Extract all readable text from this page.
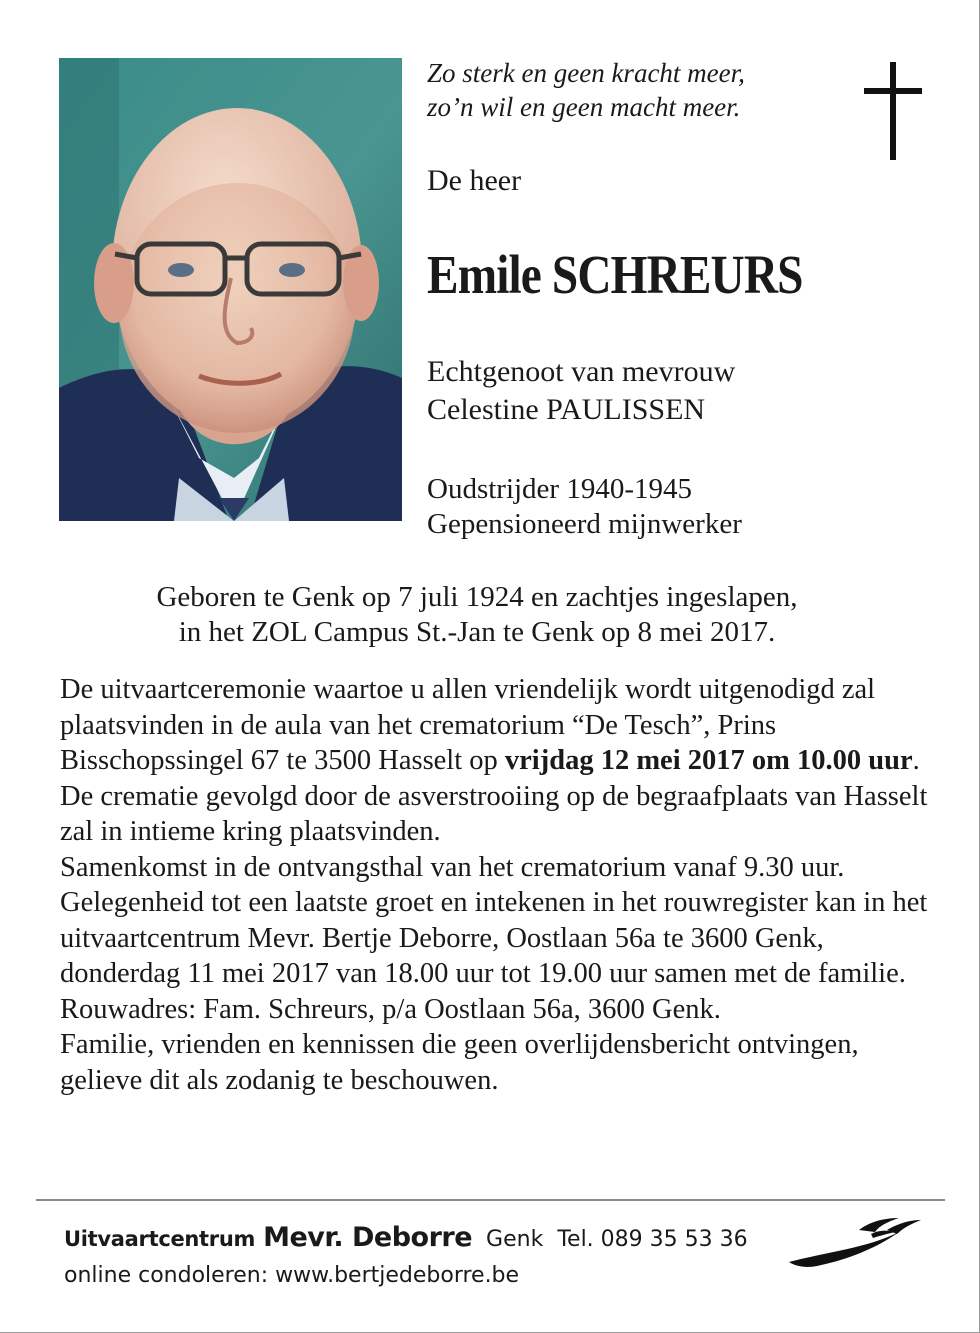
Zo sterk en geen kracht meer,
zo’n wil en geen macht meer.
De heer
Emile SCHREURS
Echtgenoot van mevrouw
Celestine PAULISSEN
Oudstrijder 1940-1945
Gepensioneerd mijnwerker
Geboren te Genk op 7 juli 1924 en zachtjes ingeslapen,
in het ZOL Campus St.-Jan te Genk op 8 mei 2017.

De uitvaartceremonie waartoe u allen vriendelijk wordt uitgenodigd zal plaatsvinden in de aula van het crematorium “De Tesch”, Prins Bisschopssingel 67 te 3500 Hasselt op vrijdag 12 mei 2017 om 10.00 uur.

De crematie gevolgd door de asverstrooiing op de begraafplaats van Hasselt zal in intieme kring plaatsvinden.

Samenkomst in de ontvangsthal van het crematorium vanaf 9.30 uur.

Gelegenheid tot een laatste groet en intekenen in het rouwregister kan in het uitvaartcentrum Mevr. Bertje Deborre, Oostlaan 56a te 3600 Genk, donderdag 11 mei 2017 van 18.00 uur tot 19.00 uur samen met de familie.

Rouwadres: Fam. Schreurs, p/a Oostlaan 56a, 3600 Genk.

Familie, vrienden en kennissen die geen overlijdensbericht ontvingen, gelieve dit als zodanig te beschouwen.

Uitvaartcentrum Mevr. Deborre Genk Tel. 089 35 53 36
online condoleren: www.bertjedeborre.be
